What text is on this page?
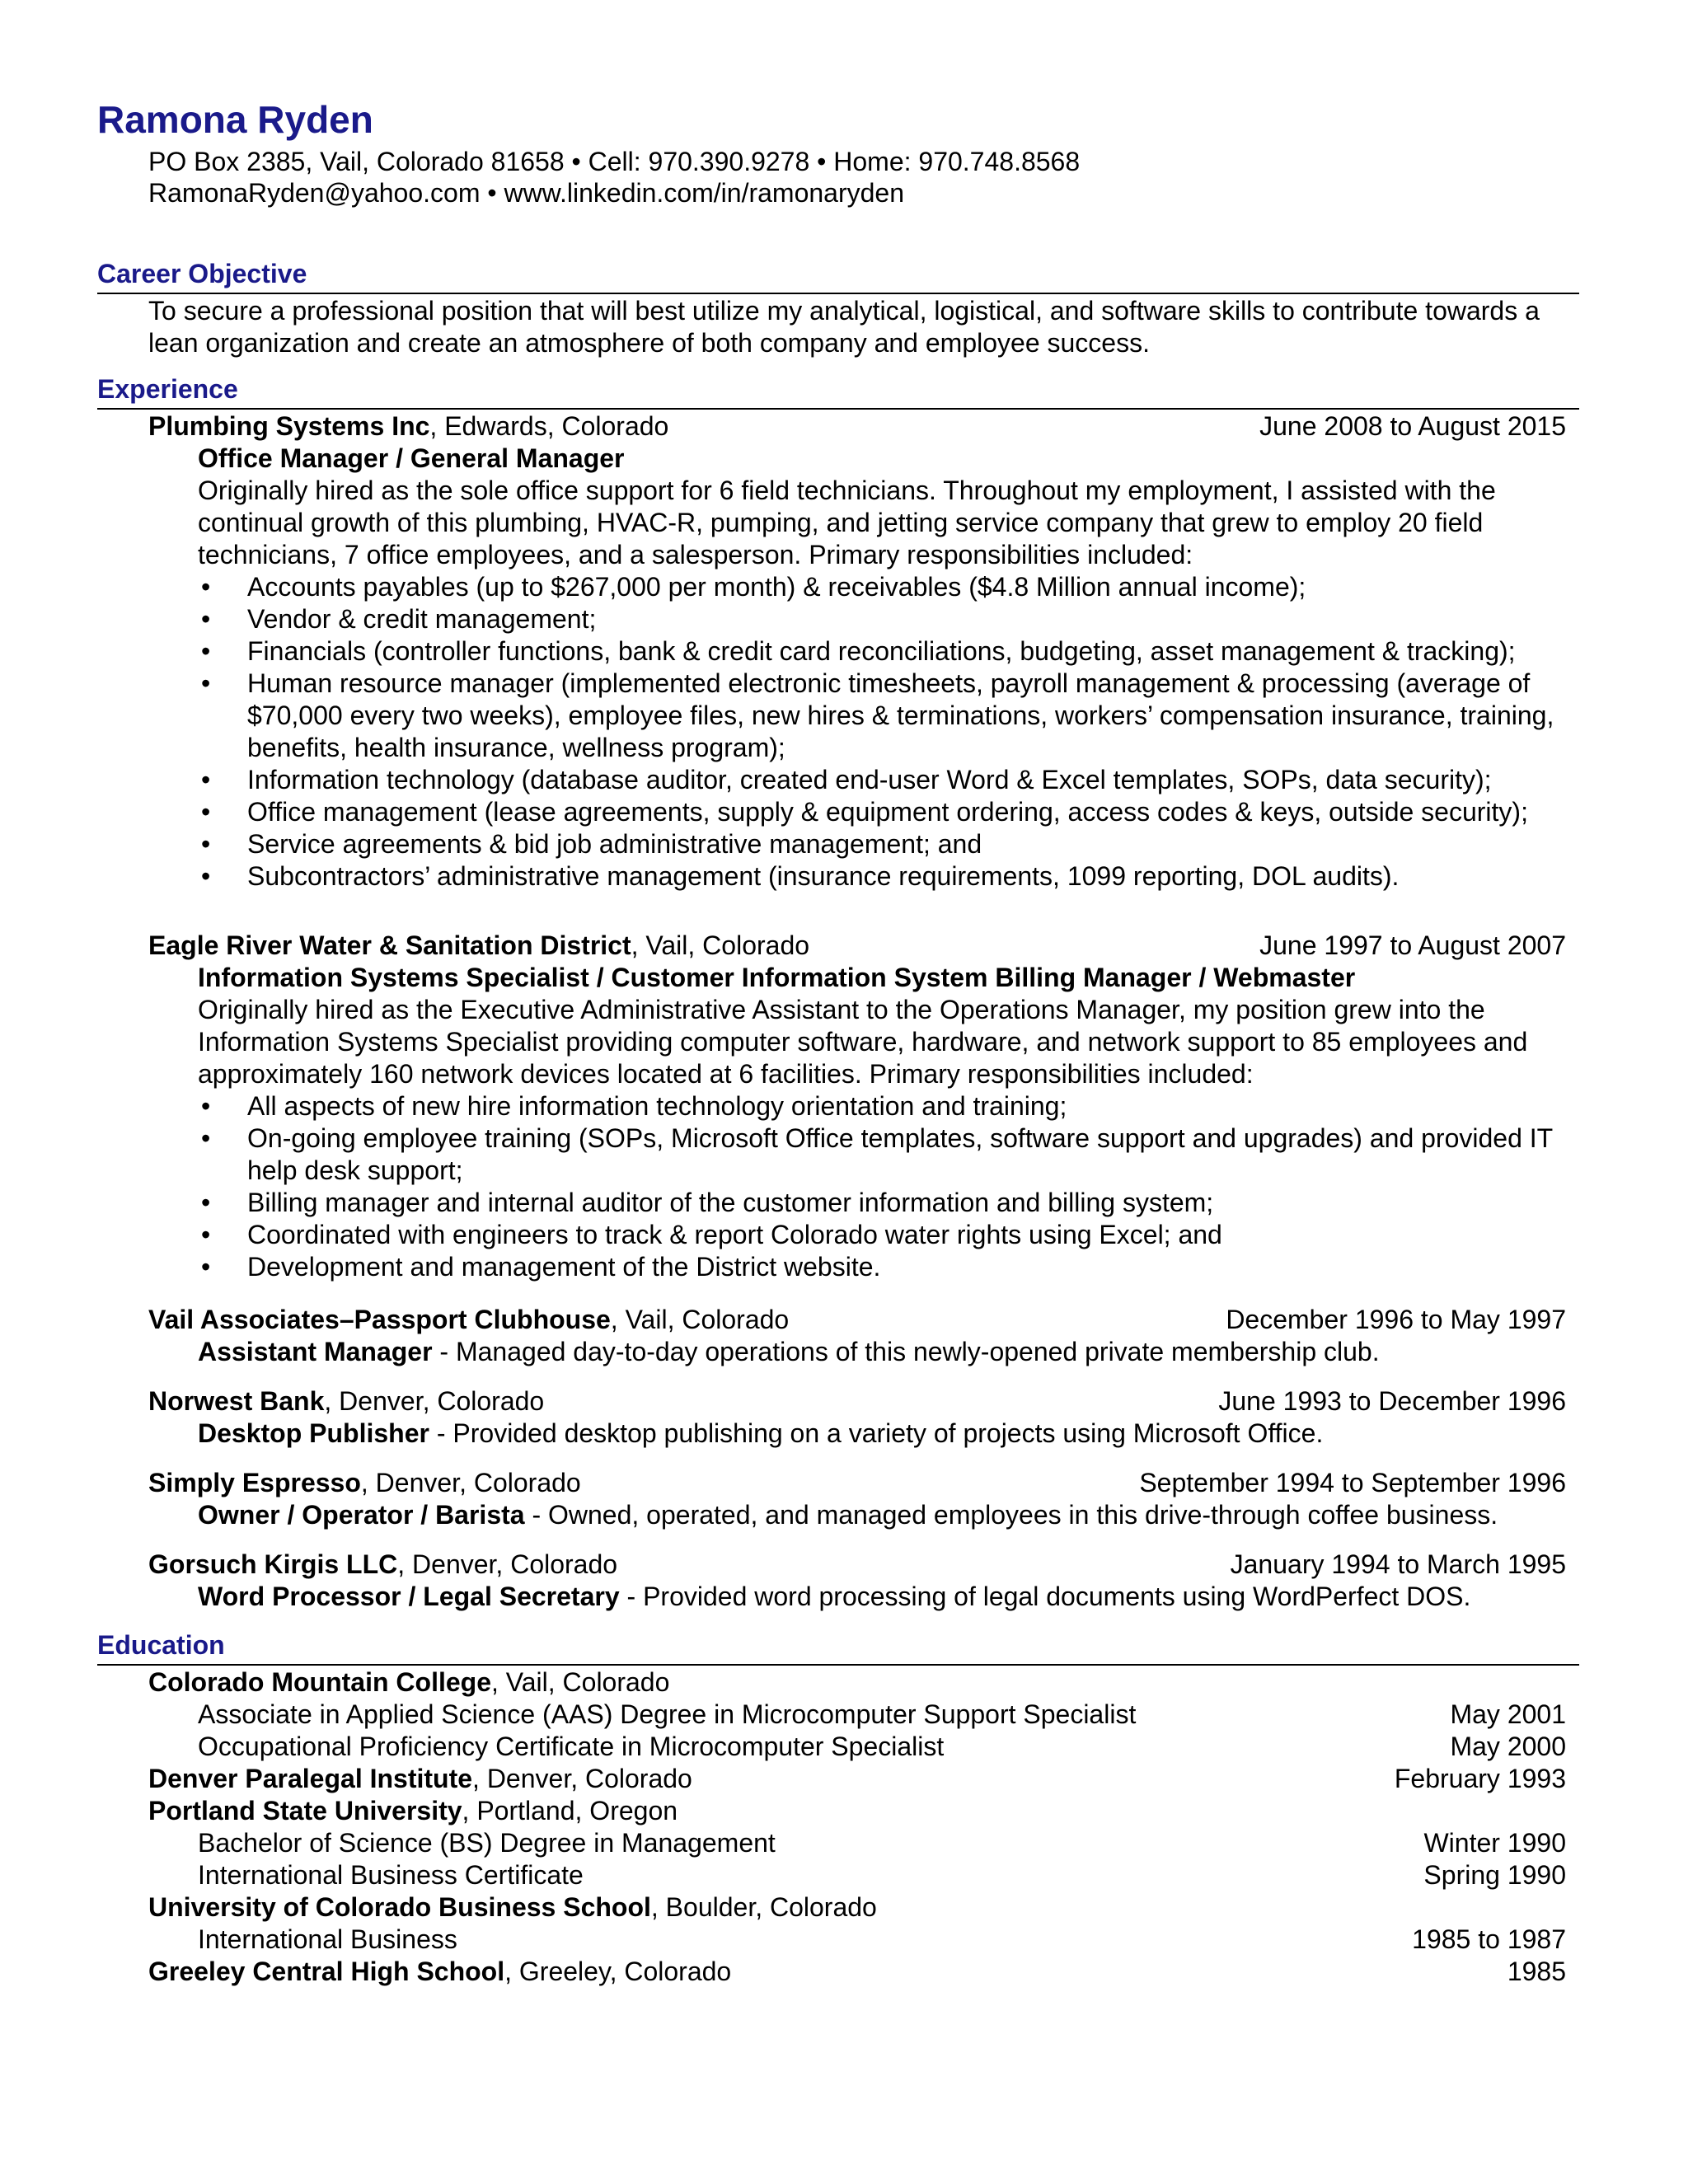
Ramona Ryden
PO Box 2385, Vail, Colorado 81658 • Cell: 970.390.9278 • Home: 970.748.8568
RamonaRyden@yahoo.com • www.linkedin.com/in/ramonaryden
Career Objective
To secure a professional position that will best utilize my analytical, logistical, and software skills to contribute towards a lean organization and create an atmosphere of both company and employee success.
Experience
Plumbing Systems Inc, Edwards, Colorado	June 2008 to August 2015
Office Manager / General Manager
Originally hired as the sole office support for 6 field technicians. Throughout my employment, I assisted with the continual growth of this plumbing, HVAC-R, pumping, and jetting service company that grew to employ 20 field technicians, 7 office employees, and a salesperson. Primary responsibilities included:
• Accounts payables (up to $267,000 per month) & receivables ($4.8 Million annual income);
• Vendor & credit management;
• Financials (controller functions, bank & credit card reconciliations, budgeting, asset management & tracking);
• Human resource manager (implemented electronic timesheets, payroll management & processing (average of $70,000 every two weeks), employee files, new hires & terminations, workers’ compensation insurance, training, benefits, health insurance, wellness program);
• Information technology (database auditor, created end-user Word & Excel templates, SOPs, data security);
• Office management (lease agreements, supply & equipment ordering, access codes & keys, outside security);
• Service agreements & bid job administrative management; and
• Subcontractors’ administrative management (insurance requirements, 1099 reporting, DOL audits).
Eagle River Water & Sanitation District, Vail, Colorado	June 1997 to August 2007
Information Systems Specialist / Customer Information System Billing Manager / Webmaster
Originally hired as the Executive Administrative Assistant to the Operations Manager, my position grew into the Information Systems Specialist providing computer software, hardware, and network support to 85 employees and approximately 160 network devices located at 6 facilities. Primary responsibilities included:
• All aspects of new hire information technology orientation and training;
• On-going employee training (SOPs, Microsoft Office templates, software support and upgrades) and provided IT help desk support;
• Billing manager and internal auditor of the customer information and billing system;
• Coordinated with engineers to track & report Colorado water rights using Excel; and
• Development and management of the District website.
Vail Associates–Passport Clubhouse, Vail, Colorado	December 1996 to May 1997
Assistant Manager - Managed day-to-day operations of this newly-opened private membership club.
Norwest Bank, Denver, Colorado	June 1993 to December 1996
Desktop Publisher - Provided desktop publishing on a variety of projects using Microsoft Office.
Simply Espresso, Denver, Colorado	September 1994 to September 1996
Owner / Operator / Barista - Owned, operated, and managed employees in this drive-through coffee business.
Gorsuch Kirgis LLC, Denver, Colorado	January 1994 to March 1995
Word Processor / Legal Secretary - Provided word processing of legal documents using WordPerfect DOS.
Education
Colorado Mountain College, Vail, Colorado
Associate in Applied Science (AAS) Degree in Microcomputer Support Specialist	May 2001
Occupational Proficiency Certificate in Microcomputer Specialist	May 2000
Denver Paralegal Institute, Denver, Colorado	February 1993
Portland State University, Portland, Oregon
Bachelor of Science (BS) Degree in Management	Winter 1990
International Business Certificate	Spring 1990
University of Colorado Business School, Boulder, Colorado
International Business	1985 to 1987
Greeley Central High School, Greeley, Colorado	1985
